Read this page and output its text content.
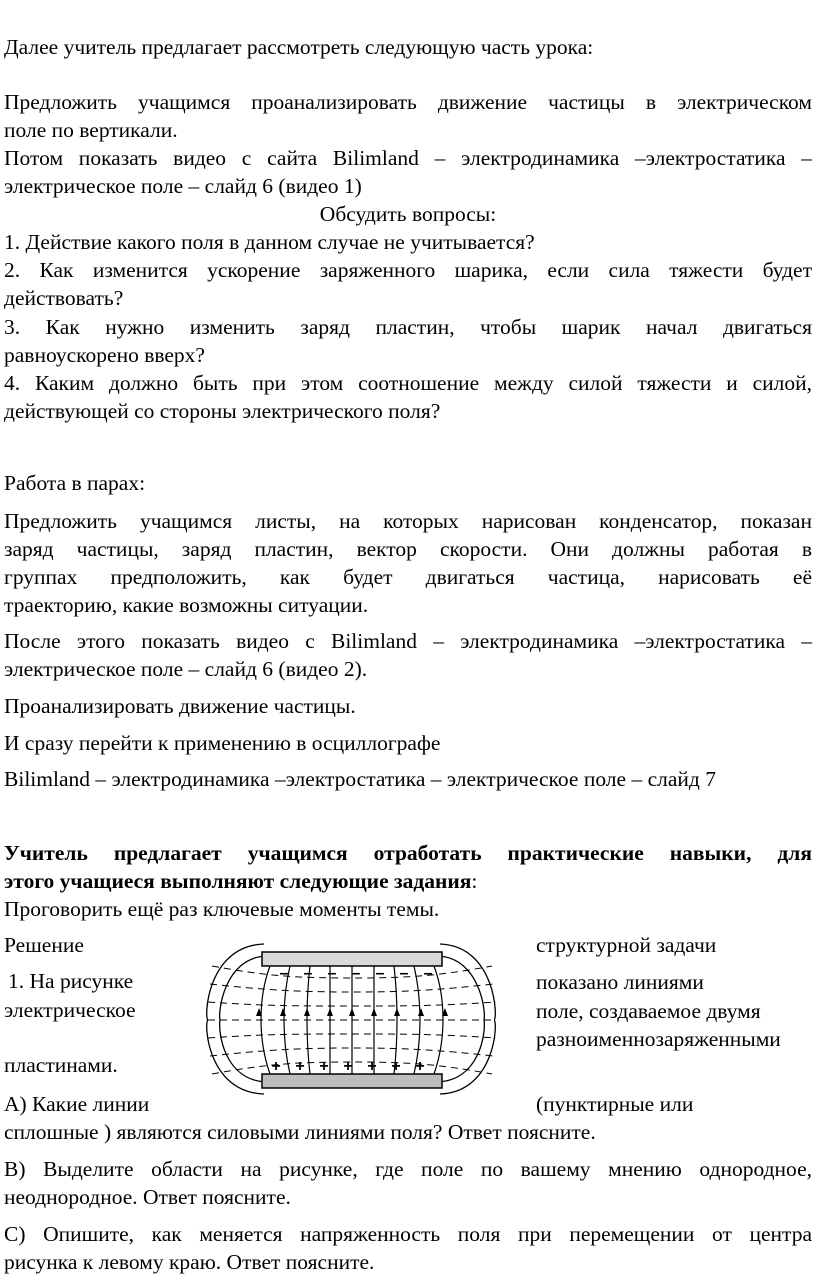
Далее учитель предлагает рассмотреть следующую часть урока:
Предложить учащимся проанализировать движение частицы в электрическом
поле по вертикали.
Потом показать видео с сайта Bilimland – электродинамика –электростатика –
электрическое поле – слайд 6 (видео 1)
Обсудить вопросы:
1. Действие какого поля в данном случае не учитывается?
2. Как изменится ускорение заряженного шарика, если сила тяжести будет
действовать?
3. Как нужно изменить заряд пластин, чтобы шарик начал двигаться
равноускорено вверх?
4. Каким должно быть при этом соотношение между силой тяжести и силой,
действующей со стороны электрического поля?
Работа в парах:
Предложить учащимся листы, на которых нарисован конденсатор, показан
заряд частицы, заряд пластин, вектор скорости. Они должны работая в
группах предположить, как будет двигаться частица, нарисовать её
траекторию, какие возможны ситуации.
После этого показать видео с Bilimland – электродинамика –электростатика –
электрическое поле – слайд 6 (видео 2).
Проанализировать движение частицы.
И сразу перейти к применению в осциллографе
Bilimland – электродинамика –электростатика – электрическое поле – слайд 7
Учитель предлагает учащимся отработать практические навыки, для
этого учащиеся выполняют следующие задания:
Проговорить ещё раз ключевые моменты темы.
Решение
1. На рисунке
электрическое
пластинами.
структурной задачи
показано линиями
поле, создаваемое двумя
разноименнозаряженными
– – – – – – –
+ + + + + + +
А) Какие линии	(пунктирные или
сплошные ) являются силовыми линиями поля? Ответ поясните.
В) Выделите области на рисунке, где поле по вашему мнению однородное,
неоднородное. Ответ поясните.
С) Опишите, как меняется напряженность поля при перемещении от центра
рисунка к левому краю. Ответ поясните.
